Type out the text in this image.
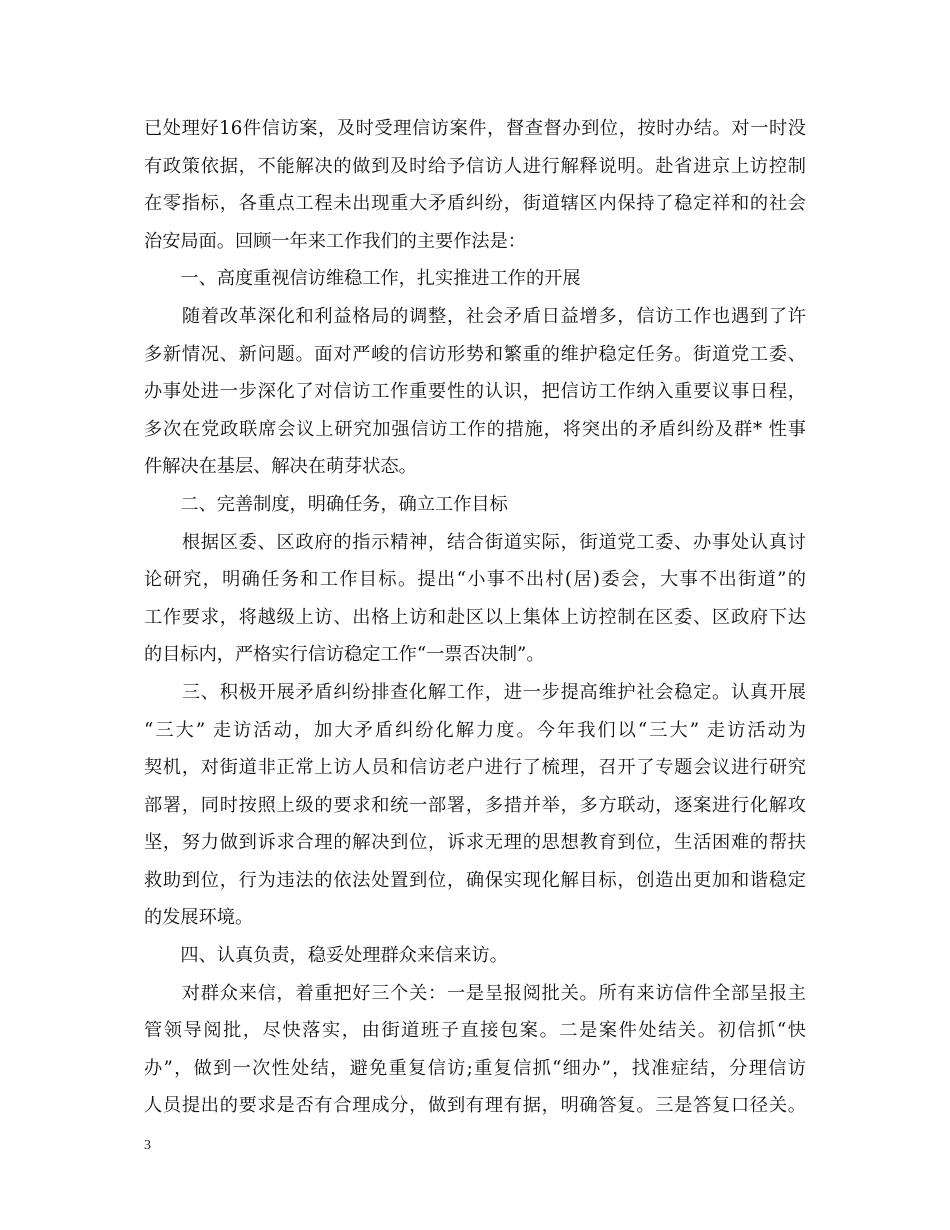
已处理好16件信访案，及时受理信访案件，督查督办到位，按时办结。对一时没
有政策依据，不能解决的做到及时给予信访人进行解释说明。赴省进京上访控制
在零指标，各重点工程未出现重大矛盾纠纷，街道辖区内保持了稳定祥和的社会
治安局面。回顾一年来工作我们的主要作法是：
　　一、高度重视信访维稳工作，扎实推进工作的开展
　　随着改革深化和利益格局的调整，社会矛盾日益增多，信访工作也遇到了许
多新情况、新问题。面对严峻的信访形势和繁重的维护稳定任务。街道党工委、
办事处进一步深化了对信访工作重要性的认识，把信访工作纳入重要议事日程，
多次在党政联席会议上研究加强信访工作的措施，将突出的矛盾纠纷及群* 性事
件解决在基层、解决在萌芽状态。
　　二、完善制度，明确任务，确立工作目标
　　根据区委、区政府的指示精神，结合街道实际，街道党工委、办事处认真讨
论研究，明确任务和工作目标。提出“小事不出村(居)委会，大事不出街道”的
工作要求，将越级上访、出格上访和赴区以上集体上访控制在区委、区政府下达
的目标内，严格实行信访稳定工作“一票否决制”。
　　三、积极开展矛盾纠纷排查化解工作，进一步提高维护社会稳定。认真开展
“三大” 走访活动，加大矛盾纠纷化解力度。今年我们以“三大” 走访活动为
契机，对街道非正常上访人员和信访老户进行了梳理，召开了专题会议进行研究
部署，同时按照上级的要求和统一部署，多措并举，多方联动，逐案进行化解攻
坚，努力做到诉求合理的解决到位，诉求无理的思想教育到位，生活困难的帮扶
救助到位，行为违法的依法处置到位，确保实现化解目标，创造出更加和谐稳定
的发展环境。
　　四、认真负责，稳妥处理群众来信来访。
　　对群众来信，着重把好三个关：一是呈报阅批关。所有来访信件全部呈报主
管领导阅批，尽快落实，由街道班子直接包案。二是案件处结关。初信抓“快
办”，做到一次性处结，避免重复信访;重复信抓“细办”，找准症结，分理信访
人员提出的要求是否有合理成分，做到有理有据，明确答复。三是答复口径关。
3
